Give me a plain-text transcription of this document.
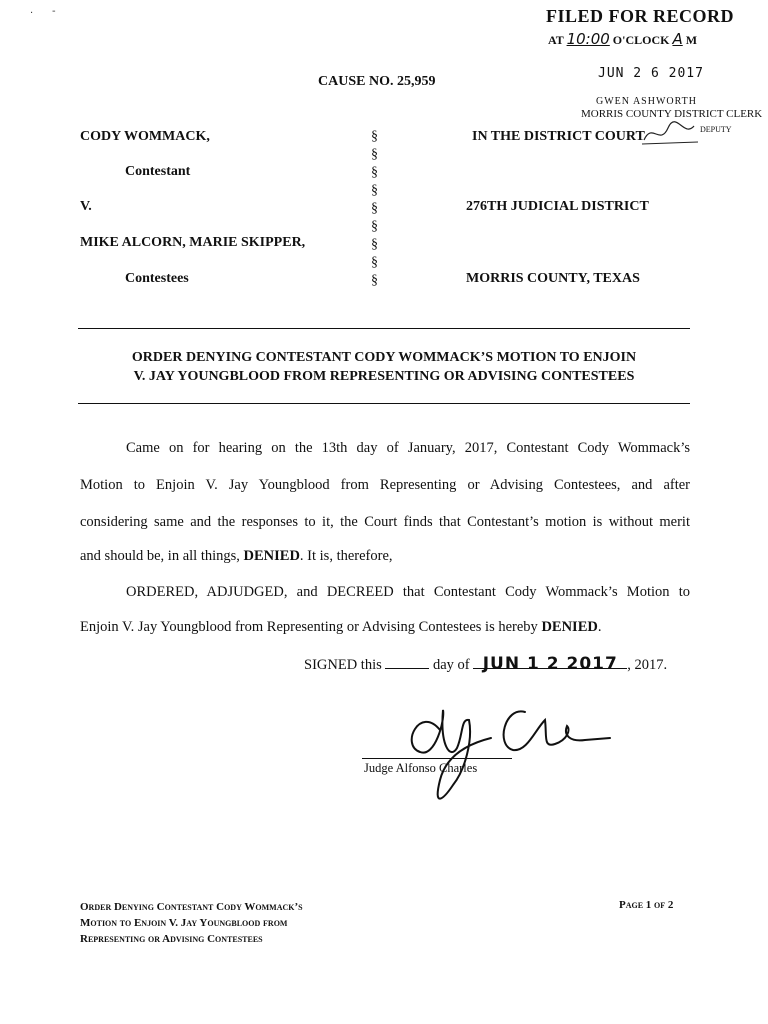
· -	FILED FOR RECORD
AT 10:00 O'CLOCK A M
JUN 2 6 2017
GWEN ASHWORTH
MORRIS COUNTY DISTRICT CLERK
DEPUTY
CAUSE NO. 25,959
CODY WOMMACK,
Contestant
V.
MIKE ALCORN, MARIE SKIPPER,
Contestees
§
§
§
§
§
§
§
§
§
IN THE DISTRICT COURT
276TH JUDICIAL DISTRICT
MORRIS COUNTY, TEXAS
ORDER DENYING CONTESTANT CODY WOMMACK’S MOTION TO ENJOIN
V. JAY YOUNGBLOOD FROM REPRESENTING OR ADVISING CONTESTEES
Came on for hearing on the 13th day of January, 2017, Contestant Cody Wommack’s
Motion to Enjoin V. Jay Youngblood from Representing or Advising Contestees, and after
considering same and the responses to it, the Court finds that Contestant’s motion is without merit
and should be, in all things, DENIED. It is, therefore,
ORDERED, ADJUDGED, and DECREED that Contestant Cody Wommack’s Motion to
Enjoin V. Jay Youngblood from Representing or Advising Contestees is hereby DENIED.
SIGNED this	day of JUN 1 2 2017 , 2017.
Judge Alfonso Charles
Order Denying Contestant Cody Wommack’s
Motion to Enjoin V. Jay Youngblood from
Representing or Advising Contestees
Page 1 of 2
